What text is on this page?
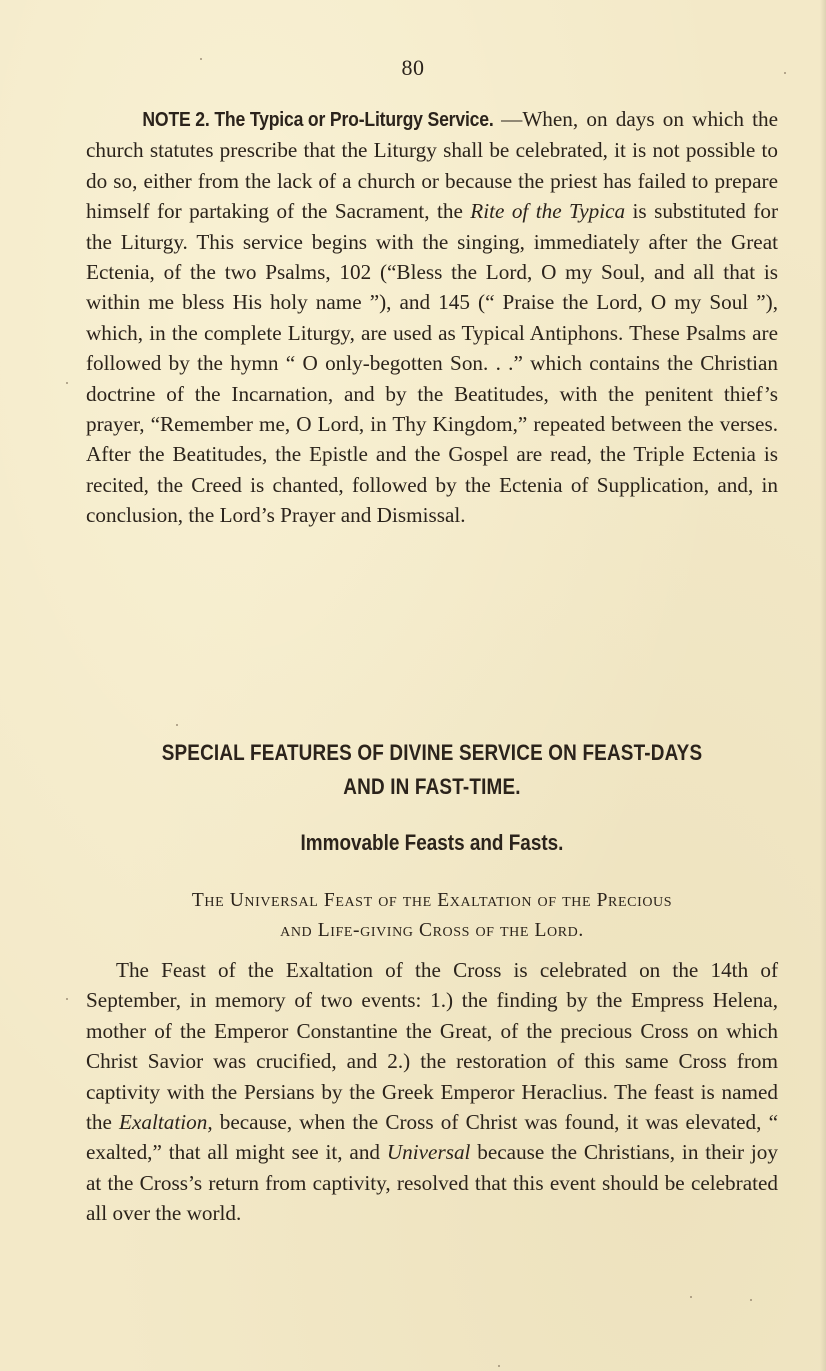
80

NOTE 2. The Typica or Pro-Liturgy Service. —When, on days on which the church statutes prescribe that the Liturgy shall be celebrated, it is not possible to do so, either from the lack of a church or because the priest has failed to prepare himself for partaking of the Sacrament, the Rite of the Typica is substituted for the Liturgy. This service begins with the singing, immediately after the Great Ectenia, of the two Psalms, 102 (“Bless the Lord, O my Soul, and all that is within me bless His holy name ”), and 145 (“ Praise the Lord, O my Soul ”), which, in the complete Liturgy, are used as Typical Antiphons. These Psalms are followed by the hymn “ O only-begotten Son. . .” which contains the Christian doctrine of the Incarnation, and by the Beatitudes, with the penitent thief’s prayer, “Remember me, O Lord, in Thy Kingdom,” repeated between the verses. After the Beatitudes, the Epistle and the Gospel are read, the Triple Ectenia is recited, the Creed is chanted, followed by the Ectenia of Supplication, and, in conclusion, the Lord’s Prayer and Dismissal.

SPECIAL FEATURES OF DIVINE SERVICE ON FEAST-DAYS
AND IN FAST-TIME.
Immovable Feasts and Fasts.
The Universal Feast of the Exaltation of the Precious
and Life-giving Cross of the Lord.

The Feast of the Exaltation of the Cross is celebrated on the 14th of September, in memory of two events: 1.) the finding by the Empress Helena, mother of the Emperor Constantine the Great, of the precious Cross on which Christ Savior was crucified, and 2.) the restoration of this same Cross from captivity with the Persians by the Greek Emperor Heraclius. The feast is named the Exaltation, because, when the Cross of Christ was found, it was elevated, “ exalted,” that all might see it, and Universal because the Christians, in their joy at the Cross’s return from captivity, resolved that this event should be celebrated all over the world.
